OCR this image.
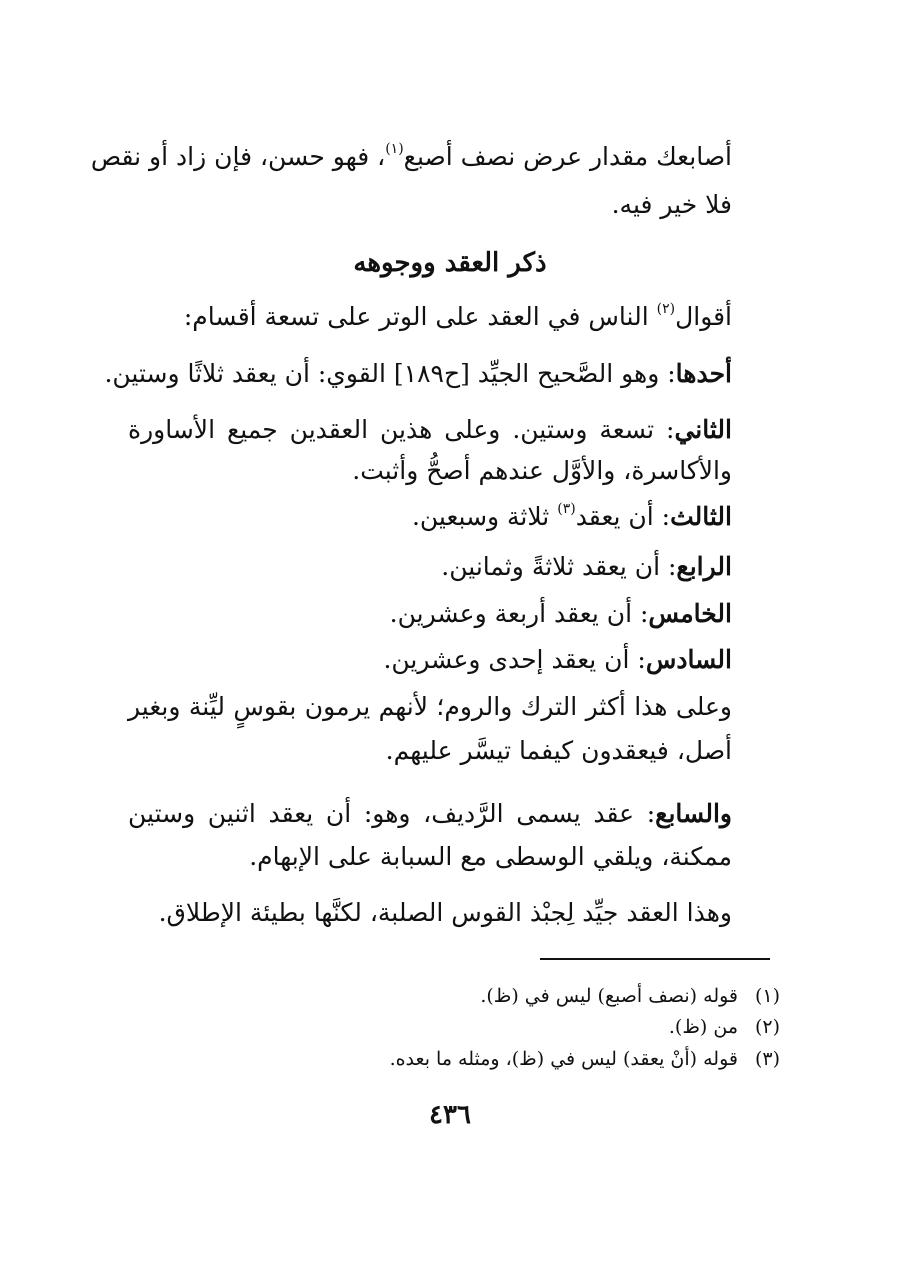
أصابعك مقدار عرض نصف أصبع$^{(١)}$، فهو حسن، فإن زاد أو نقص
فلا خير فيه.
ذكر العقد ووجوهه
أقوال$^{(٢)}$ الناس في العقد على الوتر على تسعة أقسام:
أحدها: وهو الصَّحيح الجيِّد [ح١٨٩] القوي: أن يعقد ثلاثًا وستين.
الثاني: تسعة وستين. وعلى هذين العقدين جميع الأساورة
والأكاسرة، والأوَّل عندهم أصحُّ وأثبت.
الثالث: أن يعقد$^{(٣)}$ ثلاثة وسبعين.
الرابع: أن يعقد ثلاثةً وثمانين.
الخامس: أن يعقد أربعة وعشرين.
السادس: أن يعقد إحدى وعشرين.
وعلى هذا أكثر الترك والروم؛ لأنهم يرمون بقوسٍ ليِّنة وبغير
أصل، فيعقدون كيفما تيسَّر عليهم.
والسابع: عقد يسمى الرَّديف، وهو: أن يعقد اثنين وستين
ممكنة، ويلقي الوسطى مع السبابة على الإبهام.
وهذا العقد جيِّد لِجبْذ القوس الصلبة، لكنَّها بطيئة الإطلاق.
(١)قوله (نصف أصبع) ليس في (ظ).
(٢)من (ظ).
(٣)قوله (أنْ يعقد) ليس في (ظ)، ومثله ما بعده.
٤٣٦
